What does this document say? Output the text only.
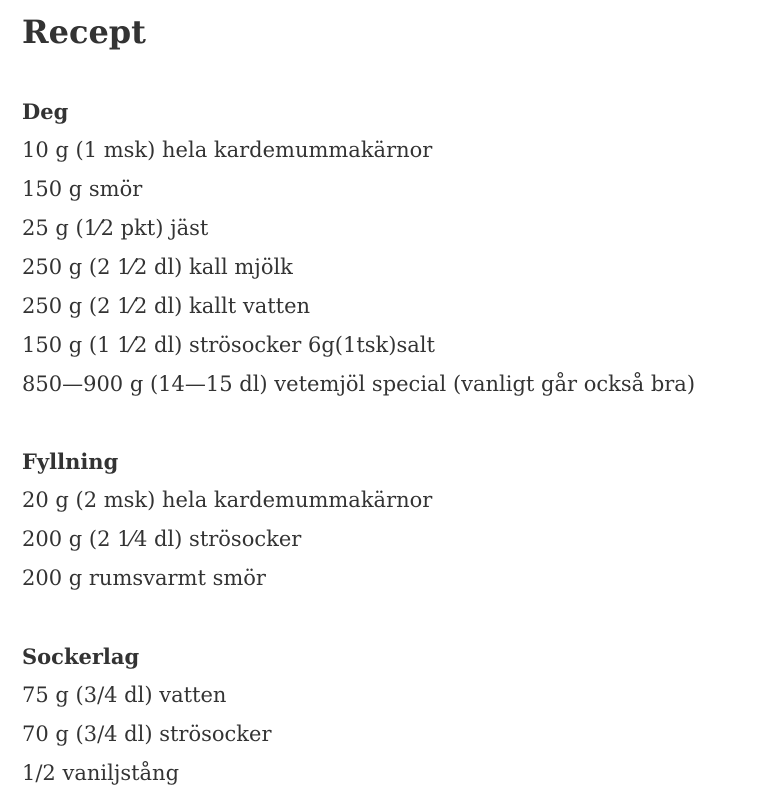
Recept
Deg
10 g (1 msk) hela kardemummakärnor
150 g smör
25 g (1⁄2 pkt) jäst
250 g (2 1⁄2 dl) kall mjölk
250 g (2 1⁄2 dl) kallt vatten
150 g (1 1⁄2 dl) strösocker 6g(1tsk)salt
850—900 g (14—15 dl) vetemjöl special (vanligt går också bra)
Fyllning
20 g (2 msk) hela kardemummakärnor
200 g (2 1⁄4 dl) strösocker
200 g rumsvarmt smör
Sockerlag
75 g (3/4 dl) vatten
70 g (3/4 dl) strösocker
1/2 vaniljstång
